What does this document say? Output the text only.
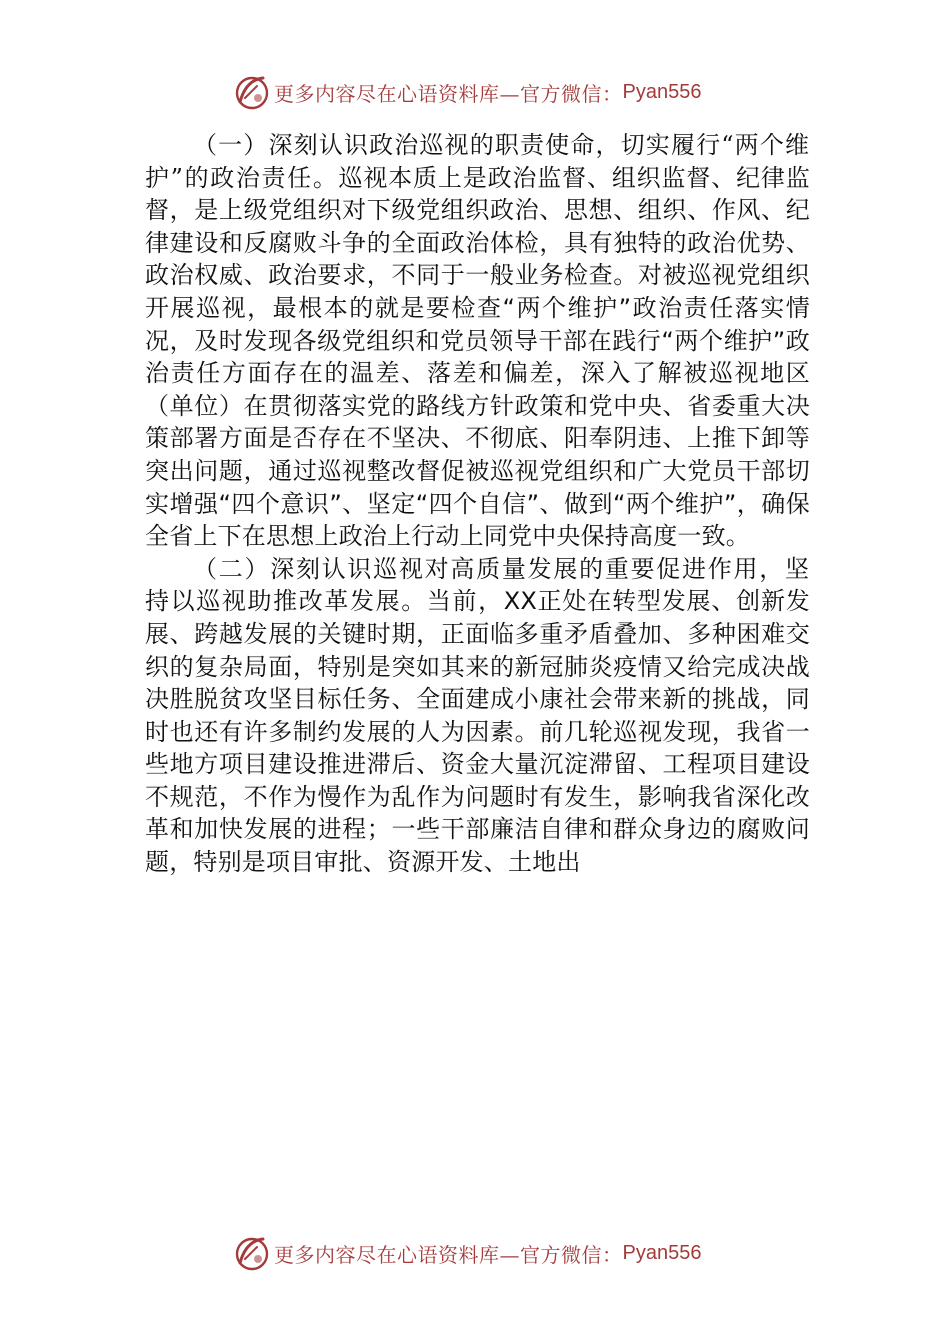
更多内容尽在心语资料库—官方微信： Pyan556

（一）深刻认识政治巡视的职责使命，切实履行“两个维护”的政治责任。巡视本质上是政治监督、组织监督、纪律监督，是上级党组织对下级党组织政治、思想、组织、作风、纪律建设和反腐败斗争的全面政治体检，具有独特的政治优势、政治权威、政治要求，不同于一般业务检查。对被巡视党组织开展巡视，最根本的就是要检查“两个维护”政治责任落实情况，及时发现各级党组织和党员领导干部在践行“两个维护”政治责任方面存在的温差、落差和偏差，深入了解被巡视地区（单位）在贯彻落实党的路线方针政策和党中央、省委重大决策部署方面是否存在不坚决、不彻底、阳奉阴违、上推下卸等突出问题，通过巡视整改督促被巡视党组织和广大党员干部切实增强“四个意识”、坚定“四个自信”、做到“两个维护”，确保全省上下在思想上政治上行动上同党中央保持高度一致。

（二）深刻认识巡视对高质量发展的重要促进作用，坚持以巡视助推改革发展。当前，XX正处在转型发展、创新发展、跨越发展的关键时期，正面临多重矛盾叠加、多种困难交织的复杂局面，特别是突如其来的新冠肺炎疫情又给完成决战决胜脱贫攻坚目标任务、全面建成小康社会带来新的挑战，同时也还有许多制约发展的人为因素。前几轮巡视发现，我省一些地方项目建设推进滞后、资金大量沉淀滞留、工程项目建设不规范，不作为慢作为乱作为问题时有发生，影响我省深化改革和加快发展的进程；一些干部廉洁自律和群众身边的腐败问题，特别是项目审批、资源开发、土地出

更多内容尽在心语资料库—官方微信： Pyan556
